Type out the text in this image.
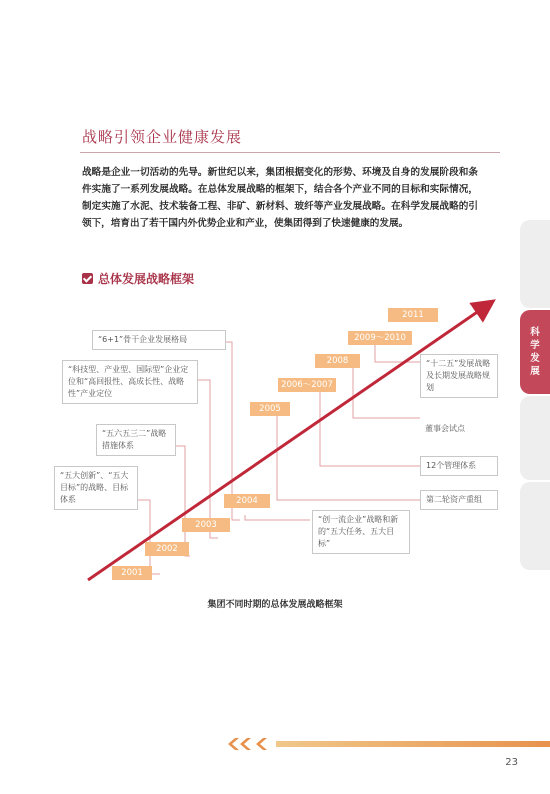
战略引领企业健康发展
战略是企业一切活动的先导。新世纪以来，集团根据变化的形势、环境及自身的发展阶段和条件实施了一系列发展战略。在总体发展战略的框架下，结合各个产业不同的目标和实际情况，制定实施了水泥、技术装备工程、非矿、新材料、玻纤等产业发展战略。在科学发展战略的引领下，培育出了若干国内外优势企业和产业，使集团得到了快速健康的发展。
总体发展战略框架
2001
2002
2003
2004
2005
2006～2007
2008
2009～2010
2011
“6+1”骨干企业发展格局
“科技型、产业型、国际型”企业定位和“高回报性、高成长性、战略性”产业定位
“五六五三二”战略措施体系
“五大创新”、“五大目标”的战略、目标体系
“十二五”发展战略及长期发展战略规划
董事会试点
12个管理体系
第二轮资产重组
“创一流企业”战略和新的“五大任务、五大目标”
集团不同时期的总体发展战略框架
科
学
发
展
23
